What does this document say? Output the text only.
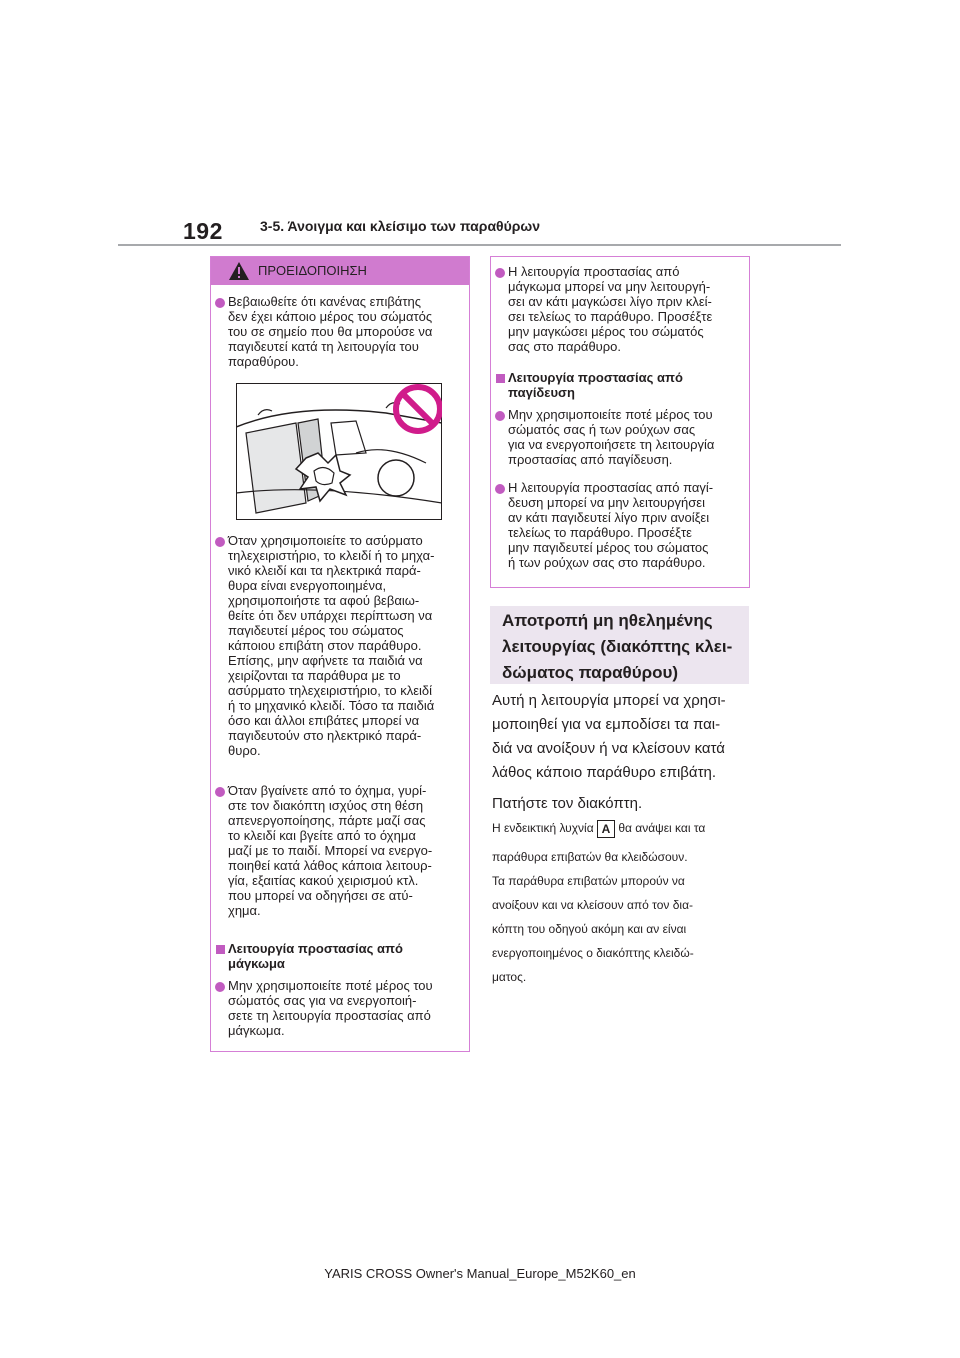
192	3-5. Άνοιγμα και κλείσιμο των παραθύρων
ΠΡΟΕΙΔΟΠΟΙΗΣΗ
Βεβαιωθείτε ότι κανένας επιβάτης
δεν έχει κάποιο μέρος του σώματός
του σε σημείο που θα μπορούσε να
παγιδευτεί κατά τη λειτουργία του
παραθύρου.
Όταν χρησιμοποιείτε το ασύρματο
τηλεχειριστήριο, το κλειδί ή το μηχα-
νικό κλειδί και τα ηλεκτρικά παρά-
θυρα είναι ενεργοποιημένα,
χρησιμοποιήστε τα αφού βεβαιω-
θείτε ότι δεν υπάρχει περίπτωση να
παγιδευτεί μέρος του σώματος
κάποιου επιβάτη στον παράθυρο.
Επίσης, μην αφήνετε τα παιδιά να
χειρίζονται τα παράθυρα με το
ασύρματο τηλεχειριστήριο, το κλειδί
ή το μηχανικό κλειδί. Τόσο τα παιδιά
όσο και άλλοι επιβάτες μπορεί να
παγιδευτούν στο ηλεκτρικό παρά-
θυρο.
Όταν βγαίνετε από το όχημα, γυρί-
στε τον διακόπτη ισχύος στη θέση
απενεργοποίησης, πάρτε μαζί σας
το κλειδί και βγείτε από το όχημα
μαζί με το παιδί. Μπορεί να ενεργο-
ποιηθεί κατά λάθος κάποια λειτουρ-
γία, εξαιτίας κακού χειρισμού κτλ.
που μπορεί να οδηγήσει σε ατύ-
χημα.
Λειτουργία προστασίας από
μάγκωμα
Μην χρησιμοποιείτε ποτέ μέρος του
σώματός σας για να ενεργοποιή-
σετε τη λειτουργία προστασίας από
μάγκωμα.
Η λειτουργία προστασίας από
μάγκωμα μπορεί να μην λειτουργή-
σει αν κάτι μαγκώσει λίγο πριν κλεί-
σει τελείως το παράθυρο. Προσέξτε
μην μαγκώσει μέρος του σώματός
σας στο παράθυρο.
Λειτουργία προστασίας από
παγίδευση
Μην χρησιμοποιείτε ποτέ μέρος του
σώματός σας ή των ρούχων σας
για να ενεργοποιήσετε τη λειτουργία
προστασίας από παγίδευση.
Η λειτουργία προστασίας από παγί-
δευση μπορεί να μην λειτουργήσει
αν κάτι παγιδευτεί λίγο πριν ανοίξει
τελείως το παράθυρο. Προσέξτε
μην παγιδευτεί μέρος του σώματος
ή των ρούχων σας στο παράθυρο.
Αποτροπή μη ηθελημένης
λειτουργίας (διακόπτης κλει-
δώματος παραθύρου)
Αυτή η λειτουργία μπορεί να χρησι-
μοποιηθεί για να εμποδίσει τα παι-
διά να ανοίξουν ή να κλείσουν κατά
λάθος κάποιο παράθυρο επιβάτη.
Πατήστε τον διακόπτη.
Η ενδεικτική λυχνία A θα ανάψει και τα
παράθυρα επιβατών θα κλειδώσουν.
Τα παράθυρα επιβατών μπορούν να
ανοίξουν και να κλείσουν από τον δια-
κόπτη του οδηγού ακόμη και αν είναι
ενεργοποιημένος ο διακόπτης κλειδώ-
ματος.
YARIS CROSS Owner's Manual_Europe_M52K60_en
